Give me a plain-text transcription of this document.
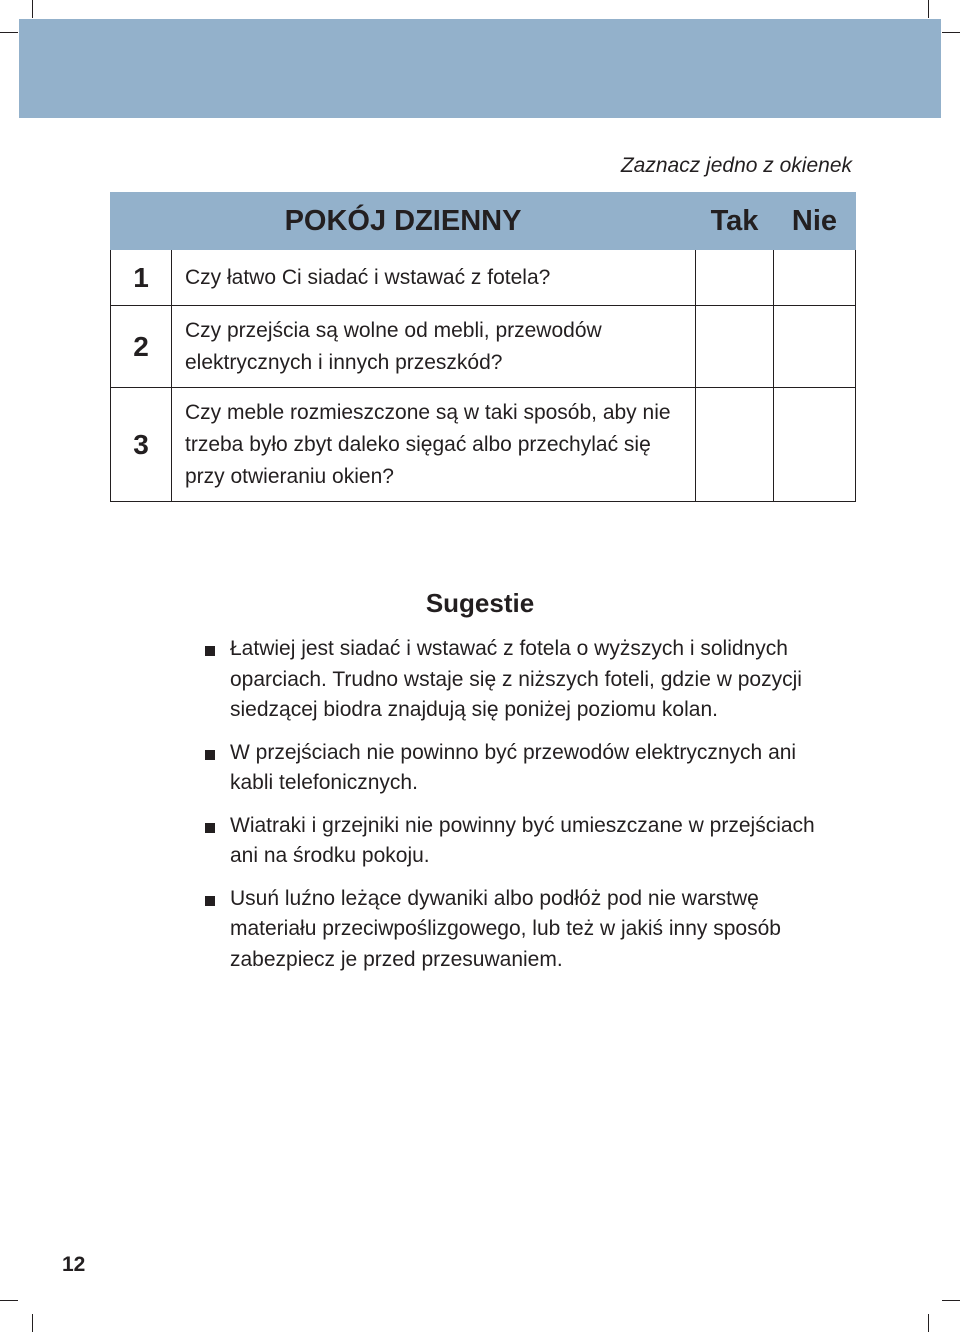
Zaznacz jedno z okienek
POKÓJ DZIENNY		Tak	Nie
1	Czy łatwo Ci siadać i wstawać z fotela?		
2	Czy przejścia są wolne od mebli, przewodów elektrycznych i innych przeszkód?		
3	Czy meble rozmieszczone są w taki sposób, aby nie trzeba było zbyt daleko sięgać albo przechylać się przy otwieraniu okien?		
Sugestie
Łatwiej jest siadać i wstawać z fotela o wyższych i solidnych oparciach. Trudno wstaje się z niższych foteli, gdzie w pozycji siedzącej biodra znajdują się poniżej poziomu kolan.
W przejściach nie powinno być przewodów elektrycznych ani kabli telefonicznych.
Wiatraki i grzejniki nie powinny być umieszczane w przejściach ani na środku pokoju.
Usuń luźno leżące dywaniki albo podłóż pod nie warstwę materiału przeciwpoślizgowego, lub też w jakiś inny sposób zabezpiecz je przed przesuwaniem.
12
